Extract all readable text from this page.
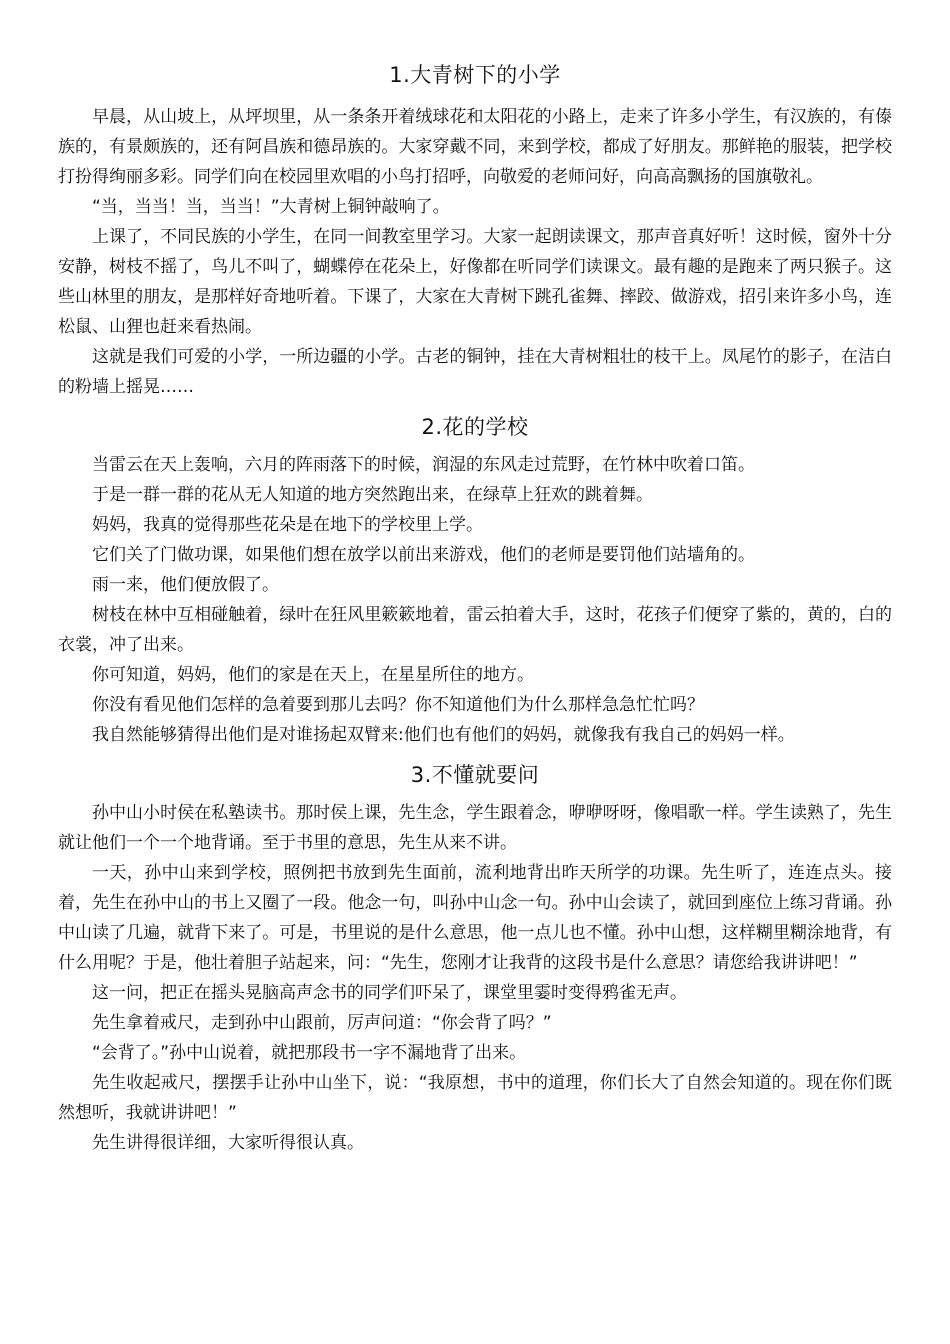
1.大青树下的小学

早晨，从山坡上，从坪坝里，从一条条开着绒球花和太阳花的小路上，走来了许多小学生，有汉族的，有傣族的，有景颇族的，还有阿昌族和德昂族的。大家穿戴不同，来到学校，都成了好朋友。那鲜艳的服装，把学校打扮得绚丽多彩。同学们向在校园里欢唱的小鸟打招呼，向敬爱的老师问好，向高高飘扬的国旗敬礼。

“当，当当！当，当当！”大青树上铜钟敲响了。

上课了，不同民族的小学生，在同一间教室里学习。大家一起朗读课文，那声音真好听！这时候，窗外十分安静，树枝不摇了，鸟儿不叫了，蝴蝶停在花朵上，好像都在听同学们读课文。最有趣的是跑来了两只猴子。这些山林里的朋友，是那样好奇地听着。下课了，大家在大青树下跳孔雀舞、摔跤、做游戏，招引来许多小鸟，连松鼠、山狸也赶来看热闹。

这就是我们可爱的小学，一所边疆的小学。古老的铜钟，挂在大青树粗壮的枝干上。凤尾竹的影子，在洁白的粉墙上摇晃……

2.花的学校

当雷云在天上轰响，六月的阵雨落下的时候，润湿的东风走过荒野，在竹林中吹着口笛。

于是一群一群的花从无人知道的地方突然跑出来，在绿草上狂欢的跳着舞。

妈妈，我真的觉得那些花朵是在地下的学校里上学。

它们关了门做功课，如果他们想在放学以前出来游戏，他们的老师是要罚他们站墙角的。

雨一来，他们便放假了。

树枝在林中互相碰触着，绿叶在狂风里簌簌地着，雷云拍着大手，这时，花孩子们便穿了紫的，黄的，白的衣裳，冲了出来。

你可知道，妈妈，他们的家是在天上，在星星所住的地方。

你没有看见他们怎样的急着要到那儿去吗？你不知道他们为什么那样急急忙忙吗？

我自然能够猜得出他们是对谁扬起双臂来:他们也有他们的妈妈，就像我有我自己的妈妈一样。

3.不懂就要问

孙中山小时侯在私塾读书。那时侯上课，先生念，学生跟着念，咿咿呀呀，像唱歌一样。学生读熟了，先生就让他们一个一个地背诵。至于书里的意思，先生从来不讲。

一天，孙中山来到学校，照例把书放到先生面前，流利地背出昨天所学的功课。先生听了，连连点头。接着，先生在孙中山的书上又圈了一段。他念一句，叫孙中山念一句。孙中山会读了，就回到座位上练习背诵。孙中山读了几遍，就背下来了。可是，书里说的是什么意思，他一点儿也不懂。孙中山想，这样糊里糊涂地背，有什么用呢？于是，他壮着胆子站起来，问：“先生，您刚才让我背的这段书是什么意思？请您给我讲讲吧！”

这一问，把正在摇头晃脑高声念书的同学们吓呆了，课堂里霎时变得鸦雀无声。

先生拿着戒尺，走到孙中山跟前，厉声问道：“你会背了吗？”

“会背了。”孙中山说着，就把那段书一字不漏地背了出来。

先生收起戒尺，摆摆手让孙中山坐下，说：“我原想，书中的道理，你们长大了自然会知道的。现在你们既然想听，我就讲讲吧！”

先生讲得很详细，大家听得很认真。
